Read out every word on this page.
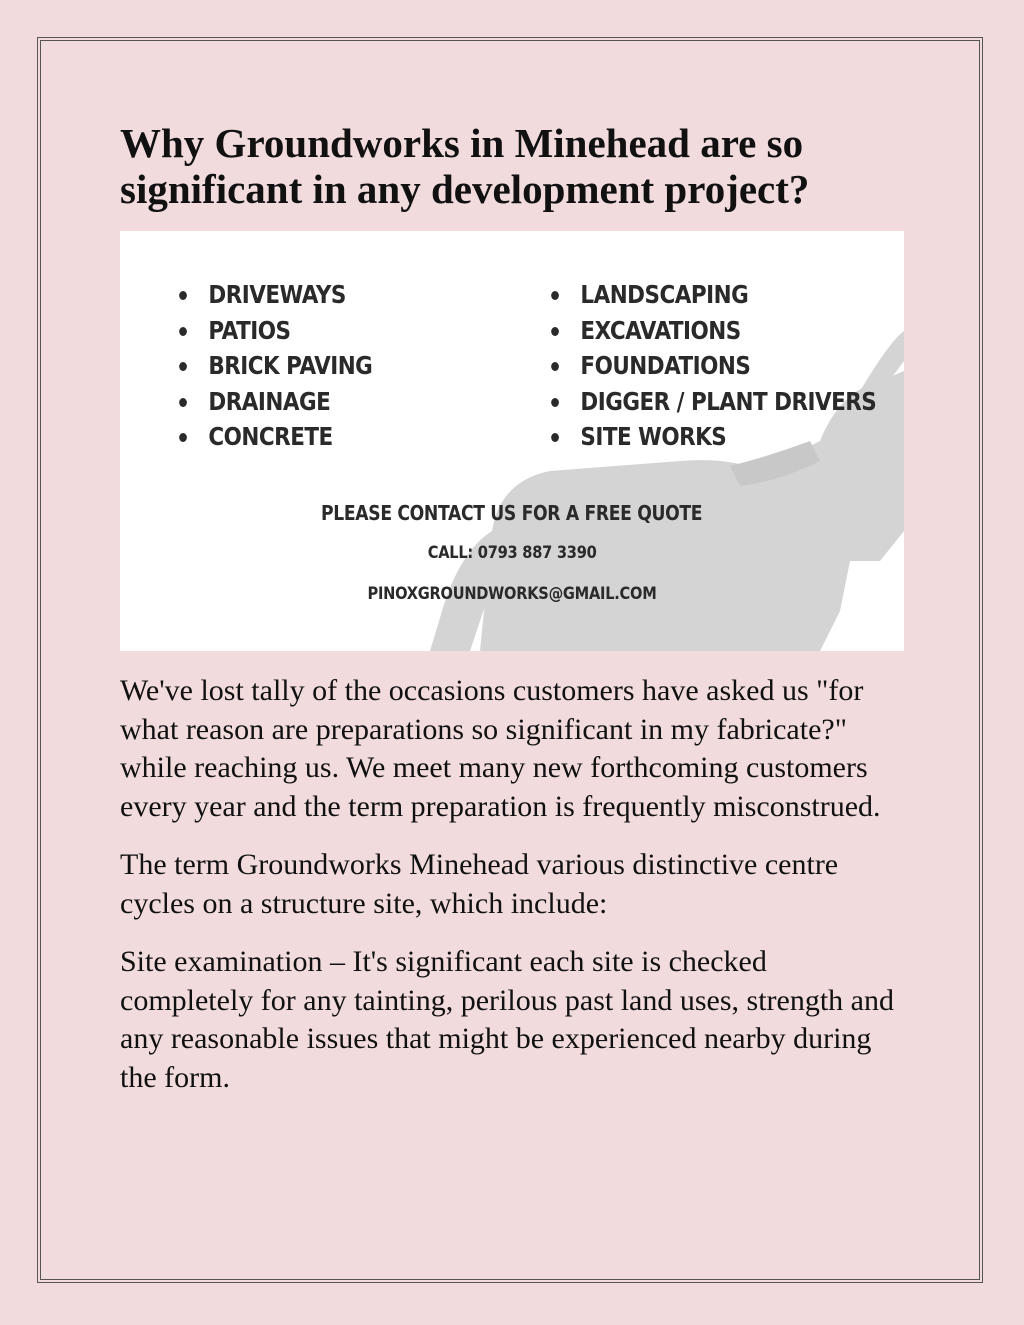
Why Groundworks in Minehead are so significant in any development project?
DRIVEWAYS
PATIOS
BRICK PAVING
DRAINAGE
CONCRETE
LANDSCAPING
EXCAVATIONS
FOUNDATIONS
DIGGER / PLANT DRIVERS
SITE WORKS
PLEASE CONTACT US FOR A FREE QUOTE
CALL: 0793 887 3390
PINOXGROUNDWORKS@GMAIL.COM

We've lost tally of the occasions customers have asked us "for what reason are preparations so significant in my fabricate?" while reaching us. We meet many new forthcoming customers every year and the term preparation is frequently misconstrued.

The term Groundworks Minehead various distinctive centre cycles on a structure site, which include:

Site examination – It's significant each site is checked completely for any tainting, perilous past land uses, strength and any reasonable issues that might be experienced nearby during the form.
